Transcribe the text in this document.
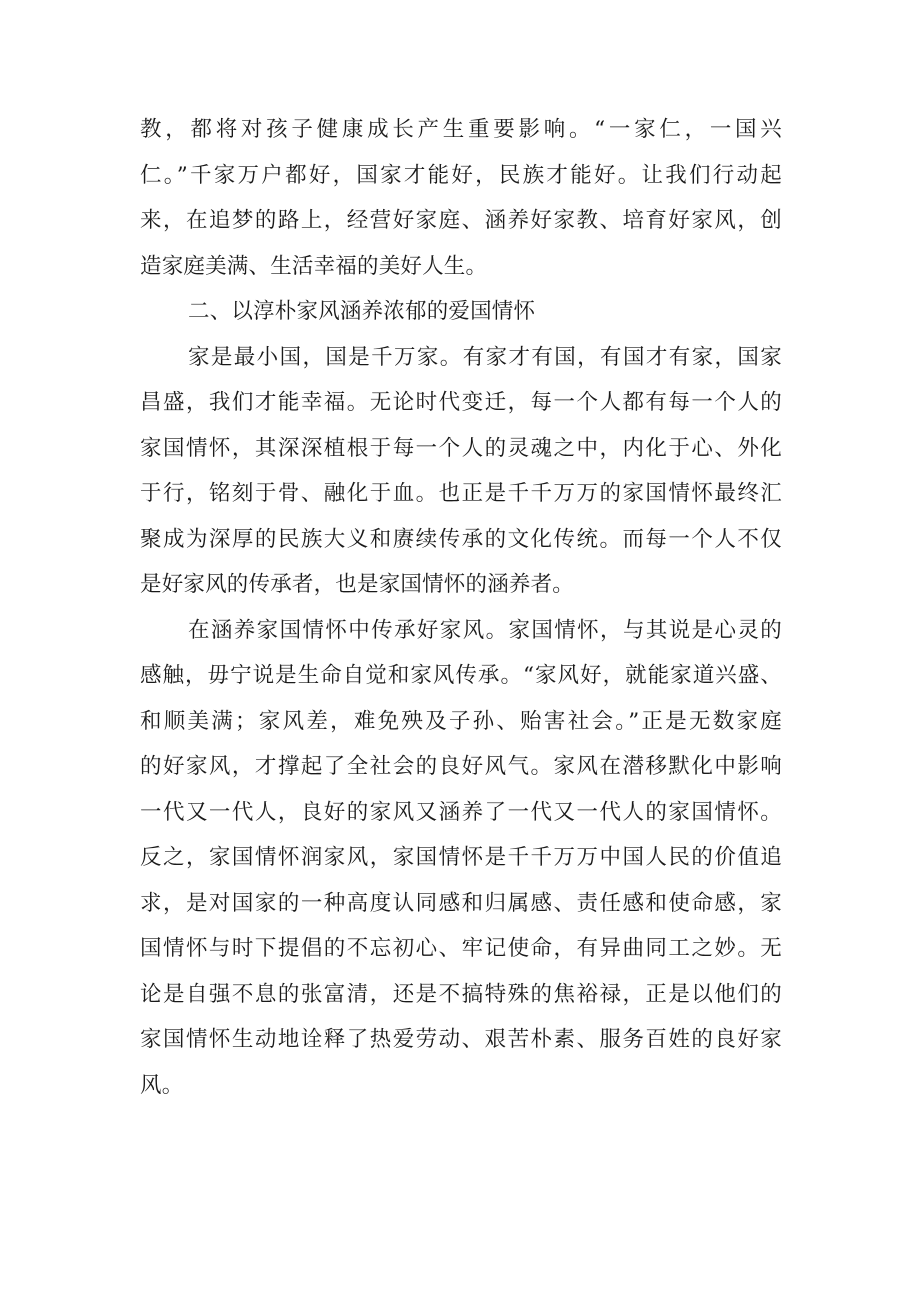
教，都将对孩子健康成长产生重要影响。“一家仁，一国兴
仁。”千家万户都好，国家才能好，民族才能好。让我们行动起
来，在追梦的路上，经营好家庭、涵养好家教、培育好家风，创
造家庭美满、生活幸福的美好人生。
二、以淳朴家风涵养浓郁的爱国情怀
家是最小国，国是千万家。有家才有国，有国才有家，国家
昌盛，我们才能幸福。无论时代变迁，每一个人都有每一个人的
家国情怀，其深深植根于每一个人的灵魂之中，内化于心、外化
于行，铭刻于骨、融化于血。也正是千千万万的家国情怀最终汇
聚成为深厚的民族大义和赓续传承的文化传统。而每一个人不仅
是好家风的传承者，也是家国情怀的涵养者。
在涵养家国情怀中传承好家风。家国情怀，与其说是心灵的
感触，毋宁说是生命自觉和家风传承。“家风好，就能家道兴盛、
和顺美满；家风差，难免殃及子孙、贻害社会。”正是无数家庭
的好家风，才撑起了全社会的良好风气。家风在潜移默化中影响
一代又一代人，良好的家风又涵养了一代又一代人的家国情怀。
反之，家国情怀润家风，家国情怀是千千万万中国人民的价值追
求，是对国家的一种高度认同感和归属感、责任感和使命感，家
国情怀与时下提倡的不忘初心、牢记使命，有异曲同工之妙。无
论是自强不息的张富清，还是不搞特殊的焦裕禄，正是以他们的
家国情怀生动地诠释了热爱劳动、艰苦朴素、服务百姓的良好家
风。
